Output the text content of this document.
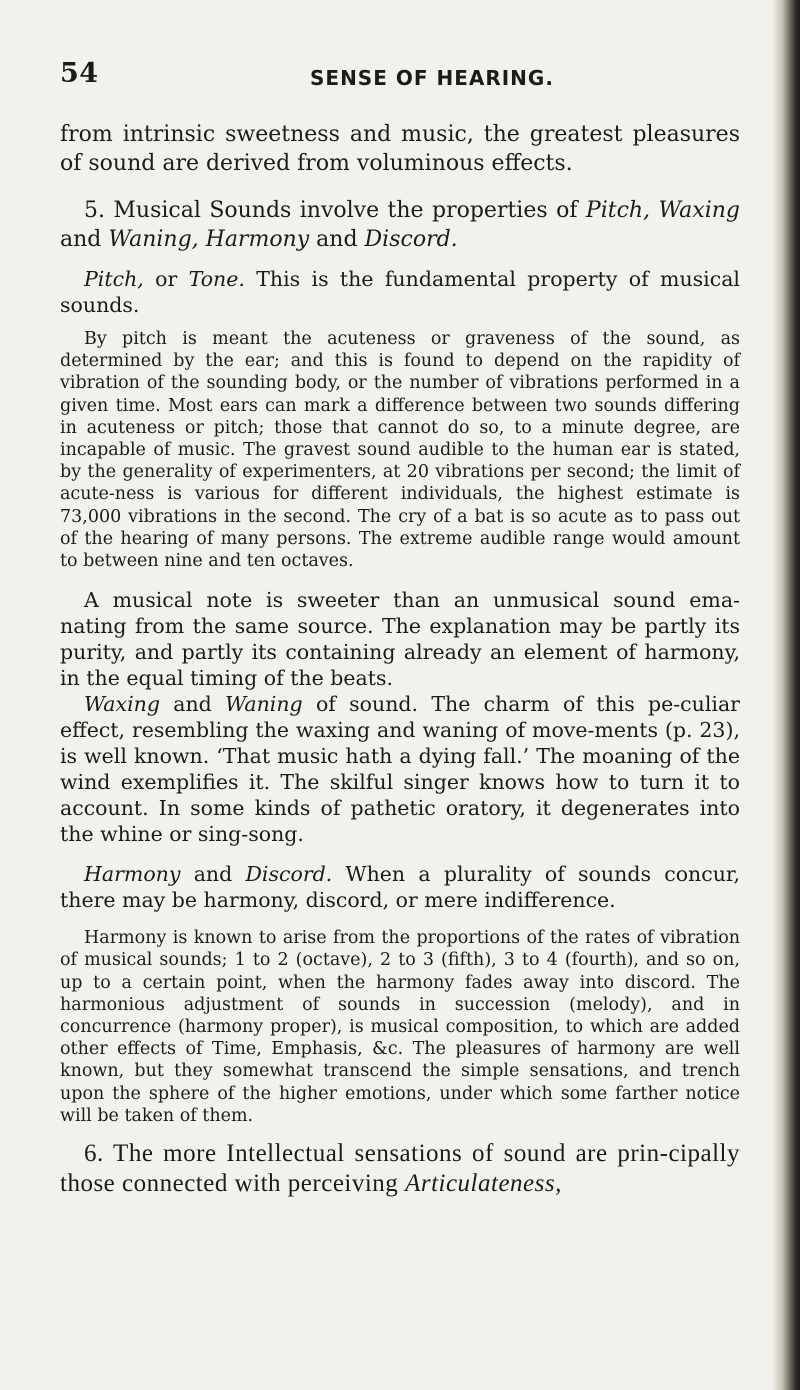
54	SENSE OF HEARING.

from intrinsic sweetness and music, the greatest pleasures of sound are derived from voluminous effects.

5. Musical Sounds involve the properties of Pitch, Waxing and Waning, Harmony and Discord.

Pitch, or Tone. This is the fundamental property of musical sounds.

By pitch is meant the acuteness or graveness of the sound, as determined by the ear; and this is found to depend on the rapidity of vibration of the sounding body, or the number of vibrations performed in a given time. Most ears can mark a difference between two sounds differing in acuteness or pitch; those that cannot do so, to a minute degree, are incapable of music. The gravest sound audible to the human ear is stated, by the generality of experimenters, at 20 vibrations per second; the limit of acute-ness is various for different individuals, the highest estimate is 73,000 vibrations in the second. The cry of a bat is so acute as to pass out of the hearing of many persons. The extreme audible range would amount to between nine and ten octaves.

A musical note is sweeter than an unmusical sound ema-nating from the same source. The explanation may be partly its purity, and partly its containing already an element of harmony, in the equal timing of the beats.

Waxing and Waning of sound. The charm of this pe-culiar effect, resembling the waxing and waning of move-ments (p. 23), is well known. ‘That music hath a dying fall.’ The moaning of the wind exemplifies it. The skilful singer knows how to turn it to account. In some kinds of pathetic oratory, it degenerates into the whine or sing-song.

Harmony and Discord. When a plurality of sounds concur, there may be harmony, discord, or mere indifference.

Harmony is known to arise from the proportions of the rates of vibration of musical sounds; 1 to 2 (octave), 2 to 3 (fifth), 3 to 4 (fourth), and so on, up to a certain point, when the harmony fades away into discord. The harmonious adjustment of sounds in succession (melody), and in concurrence (harmony proper), is musical composition, to which are added other effects of Time, Emphasis, &c. The pleasures of harmony are well known, but they somewhat transcend the simple sensations, and trench upon the sphere of the higher emotions, under which some farther notice will be taken of them.

6. The more Intellectual sensations of sound are prin-cipally those connected with perceiving Articulateness,
